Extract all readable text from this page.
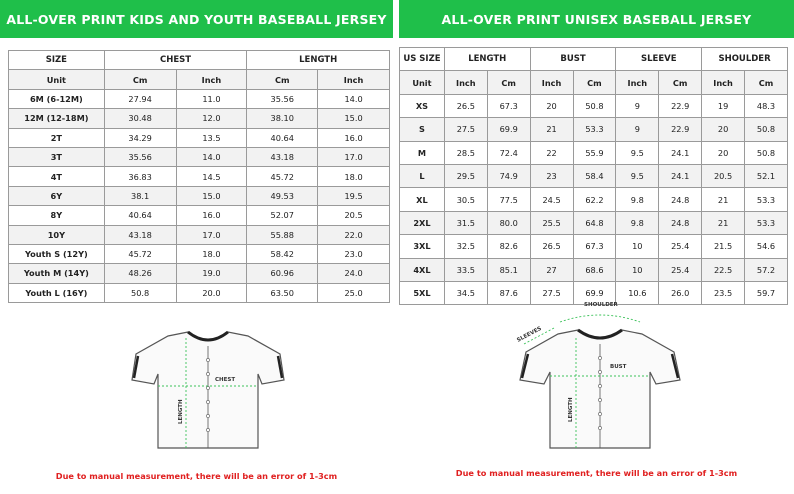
ALL-OVER PRINT KIDS AND YOUTH BASEBALL JERSEY	ALL-OVER PRINT UNISEX BASEBALL JERSEY
SIZE	CHEST		LENGTH	
Unit	Cm	Inch	Cm	Inch
6M (6-12M)	27.94	11.0	35.56	14.0
12M (12-18M)	30.48	12.0	38.10	15.0
2T	34.29	13.5	40.64	16.0
3T	35.56	14.0	43.18	17.0
4T	36.83	14.5	45.72	18.0
6Y	38.1	15.0	49.53	19.5
8Y	40.64	16.0	52.07	20.5
10Y	43.18	17.0	55.88	22.0
Youth S (12Y)	45.72	18.0	58.42	23.0
Youth M (14Y)	48.26	19.0	60.96	24.0
Youth L (16Y)	50.8	20.0	63.50	25.0
US SIZE	LENGTH		BUST		SLEEVE		SHOULDER	
Unit	Inch	Cm	Inch	Cm	Inch	Cm	Inch	Cm
XS	26.5	67.3	20	50.8	9	22.9	19	48.3
S	27.5	69.9	21	53.3	9	22.9	20	50.8
M	28.5	72.4	22	55.9	9.5	24.1	20	50.8
L	29.5	74.9	23	58.4	9.5	24.1	20.5	52.1
XL	30.5	77.5	24.5	62.2	9.8	24.8	21	53.3
2XL	31.5	80.0	25.5	64.8	9.8	24.8	21	53.3
3XL	32.5	82.6	26.5	67.3	10	25.4	21.5	54.6
4XL	33.5	85.1	27	68.6	10	25.4	22.5	57.2
5XL	34.5	87.6	27.5	69.9	10.6	26.0	23.5	59.7
CHEST
LENGTH
SHOULDER
SLEEVES
BUST
LENGTH
Due to manual measurement, there will be an error of 1-3cm	Due to manual measurement, there will be an error of 1-3cm
